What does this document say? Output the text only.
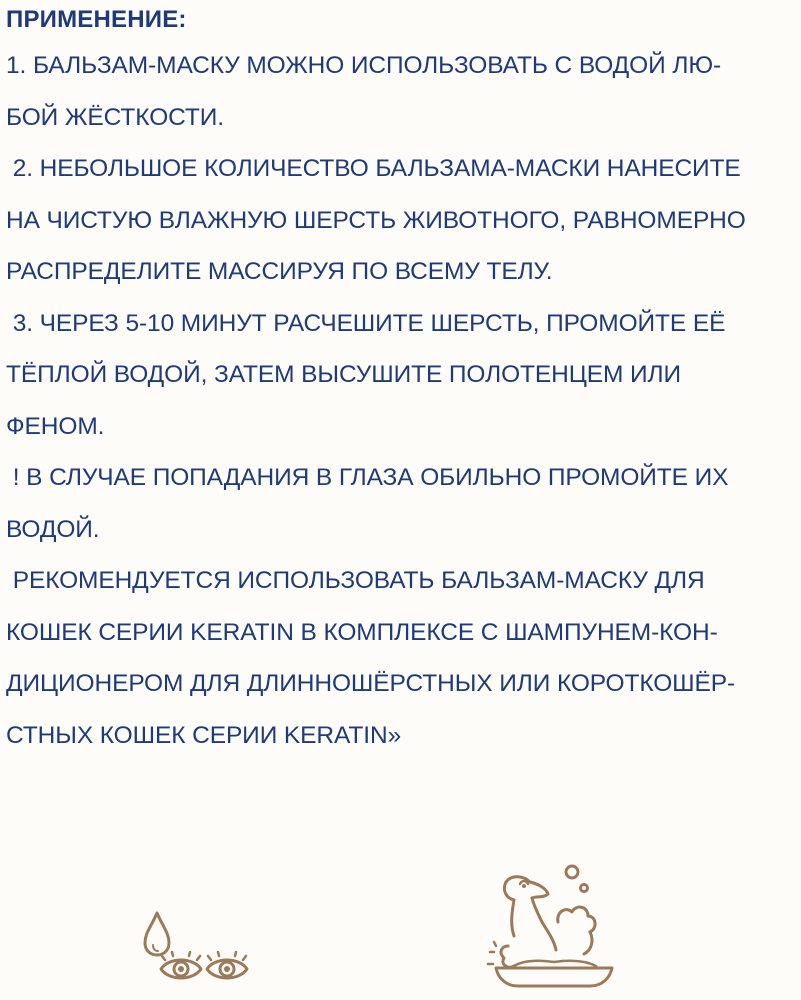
ПРИМЕНЕНИЕ:

1. БАЛЬЗАМ-МАСКУ МОЖНО ИСПОЛЬЗОВАТЬ С ВОДОЙ ЛЮ-

БОЙ ЖЁСТКОСТИ.

2. НЕБОЛЬШОЕ КОЛИЧЕСТВО БАЛЬЗАМА-МАСКИ НАНЕСИТЕ

НА ЧИСТУЮ ВЛАЖНУЮ ШЕРСТЬ ЖИВОТНОГО, РАВНОМЕРНО

РАСПРЕДЕЛИТЕ МАССИРУЯ ПО ВСЕМУ ТЕЛУ.

3. ЧЕРЕЗ 5-10 МИНУТ РАСЧЕШИТЕ ШЕРСТЬ, ПРОМОЙТЕ ЕЁ

ТЁПЛОЙ ВОДОЙ, ЗАТЕМ ВЫСУШИТЕ ПОЛОТЕНЦЕМ ИЛИ

ФЕНОМ.

! В СЛУЧАЕ ПОПАДАНИЯ В ГЛАЗА ОБИЛЬНО ПРОМОЙТЕ ИХ

ВОДОЙ.

РЕКОМЕНДУЕТСЯ ИСПОЛЬЗОВАТЬ БАЛЬЗАМ-МАСКУ ДЛЯ

КОШЕК СЕРИИ KERATIN В КОМПЛЕКСЕ С ШАМПУНЕМ-КОН-

ДИЦИОНЕРОМ ДЛЯ ДЛИННОШЁРСТНЫХ ИЛИ КОРОТКОШЁР-

СТНЫХ КОШЕК СЕРИИ KERATIN»
